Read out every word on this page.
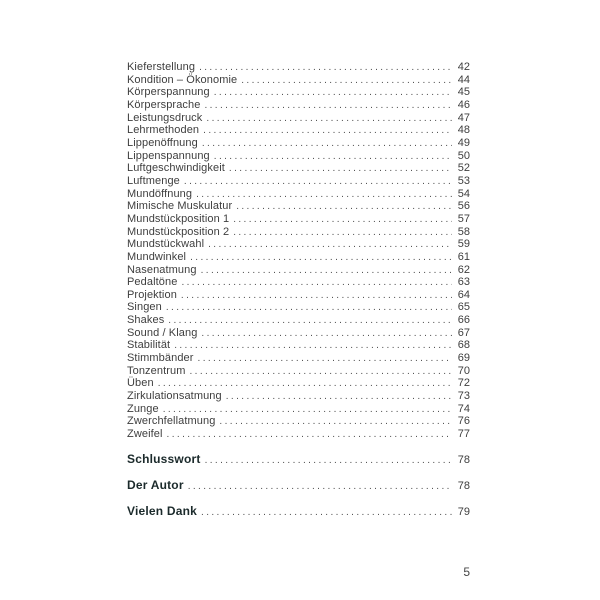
Kieferstellung .....	42
Kondition – Ökonomie .....	44
Körperspannung .....	45
Körpersprache .....	46
Leistungsdruck .....	47
Lehrmethoden .....	48
Lippenöffnung .....	49
Lippenspannung .....	50
Luftgeschwindigkeit .....	52
Luftmenge .....	53
Mundöffnung .....	54
Mimische Muskulatur .....	56
Mundstückposition 1 .....	57
Mundstückposition 2 .....	58
Mundstückwahl .....	59
Mundwinkel .....	61
Nasenatmung .....	62
Pedaltöne .....	63
Projektion .....	64
Singen .....	65
Shakes .....	66
Sound / Klang .....	67
Stabilität .....	68
Stimmbänder .....	69
Tonzentrum .....	70
Üben .....	72
Zirkulationsatmung .....	73
Zunge .....	74
Zwerchfellatmung .....	76
Zweifel .....	77
Schlusswort .....	78
Der Autor .....	78
Vielen Dank .....	79
5
